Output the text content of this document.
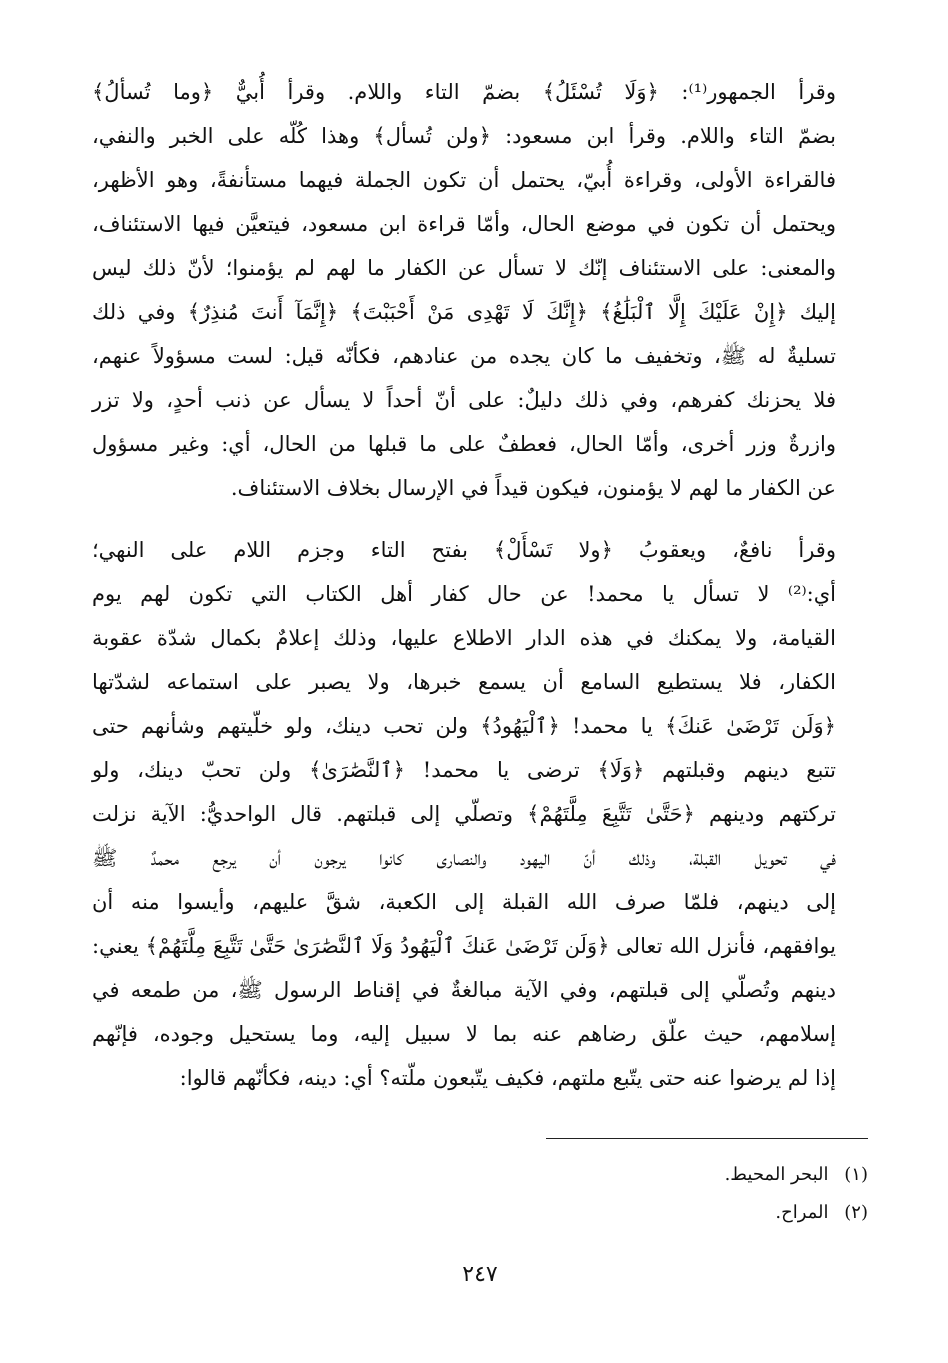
وقرأ الجمهور⁽¹⁾: ﴿وَلَا تُسْئَلُ﴾ بضمّ التاء واللام. وقرأ أُبيٌّ ﴿وما تُسألُ﴾
بضمّ التاء واللام. وقرأ ابن مسعود: ﴿ولن تُسأل﴾ وهذا كُلّه على الخبر والنفي،
فالقراءة الأولى، وقراءة أُبيّ، يحتمل أن تكون الجملة فيهما مستأنفةً، وهو الأظهر،
ويحتمل أن تكون في موضع الحال، وأمّا قراءة ابن مسعود، فيتعيَّن فيها الاستئناف،
والمعنى: على الاستئناف إنّك لا تسأل عن الكفار ما لهم لم يؤمنوا؛ لأنّ ذلك ليس
إليك ﴿إِنْ عَلَيْكَ إِلَّا ٱلْبَلَٰغُ﴾ ﴿إِنَّكَ لَا تَهْدِى مَنْ أَحْبَبْتَ﴾ ﴿إِنَّمَآ أَنتَ مُنذِرٌ﴾ وفي ذلك
تسليةٌ له ﷺ، وتخفيف ما كان يجده من عنادهم، فكأنّه قيل: لست مسؤولاً عنهم،
فلا يحزنك كفرهم، وفي ذلك دليلٌ: على أنّ أحداً لا يسأل عن ذنب أحدٍ، ولا تزر
وازرةٌ وزر أخرى، وأمّا الحال، فعطفٌ على ما قبلها من الحال، أي: وغير مسؤول
عن الكفار ما لهم لا يؤمنون، فيكون قيداً في الإرسال بخلاف الاستئناف.

وقرأ نافعٌ، ويعقوبُ ﴿ولا تَسْأَلْ﴾ بفتح التاء وجزم اللام على النهي؛
أي:⁽²⁾ لا تسأل يا محمد! عن حال كفار أهل الكتاب التي تكون لهم يوم
القيامة، ولا يمكنك في هذه الدار الاطلاع عليها، وذلك إعلامٌ بكمال شدّة عقوبة
الكفار، فلا يستطيع السامع أن يسمع خبرها، ولا يصبر على استماعه لشدّتها
﴿وَلَن تَرْضَىٰ عَنكَ﴾ يا محمد! ﴿ٱلْيَهُودُ﴾ ولن تحب دينك، ولو خلّيتهم وشأنهم حتى
تتبع دينهم وقبلتهم ﴿وَلَا﴾ ترضى يا محمد! ﴿ٱلنَّصَٰرَىٰ﴾ ولن تحبّ دينك، ولو
تركتهم ودينهم ﴿حَتَّىٰ تَتَّبِعَ مِلَّتَهُمْ﴾ وتصلّي إلى قبلتهم. قال الواحديُّ: الآية نزلت
في تحويل القبلة، وذلك أنّ اليهود والنصارى كانوا يرجون أن يرجع محمدٌ ﷺ
إلى دينهم، فلمّا صرف الله القبلة إلى الكعبة، شقَّ عليهم، وأيسوا منه أن
يوافقهم، فأنزل الله تعالى ﴿وَلَن تَرْضَىٰ عَنكَ ٱلْيَهُودُ وَلَا ٱلنَّصَٰرَىٰ حَتَّىٰ تَتَّبِعَ مِلَّتَهُمْ﴾ يعني:
دينهم وتُصلّي إلى قبلتهم، وفي الآية مبالغةٌ في إقناط الرسول ﷺ، من طمعه في
إسلامهم، حيث علّق رضاهم عنه بما لا سبيل إليه، وما يستحيل وجوده، فإنّهم
إذا لم يرضوا عنه حتى يتّبع ملتهم، فكيف يتّبعون ملّته؟ أي: دينه، فكأنّهم قالوا:

(١) البحر المحيط.
(٢) المراح.
٢٤٧
